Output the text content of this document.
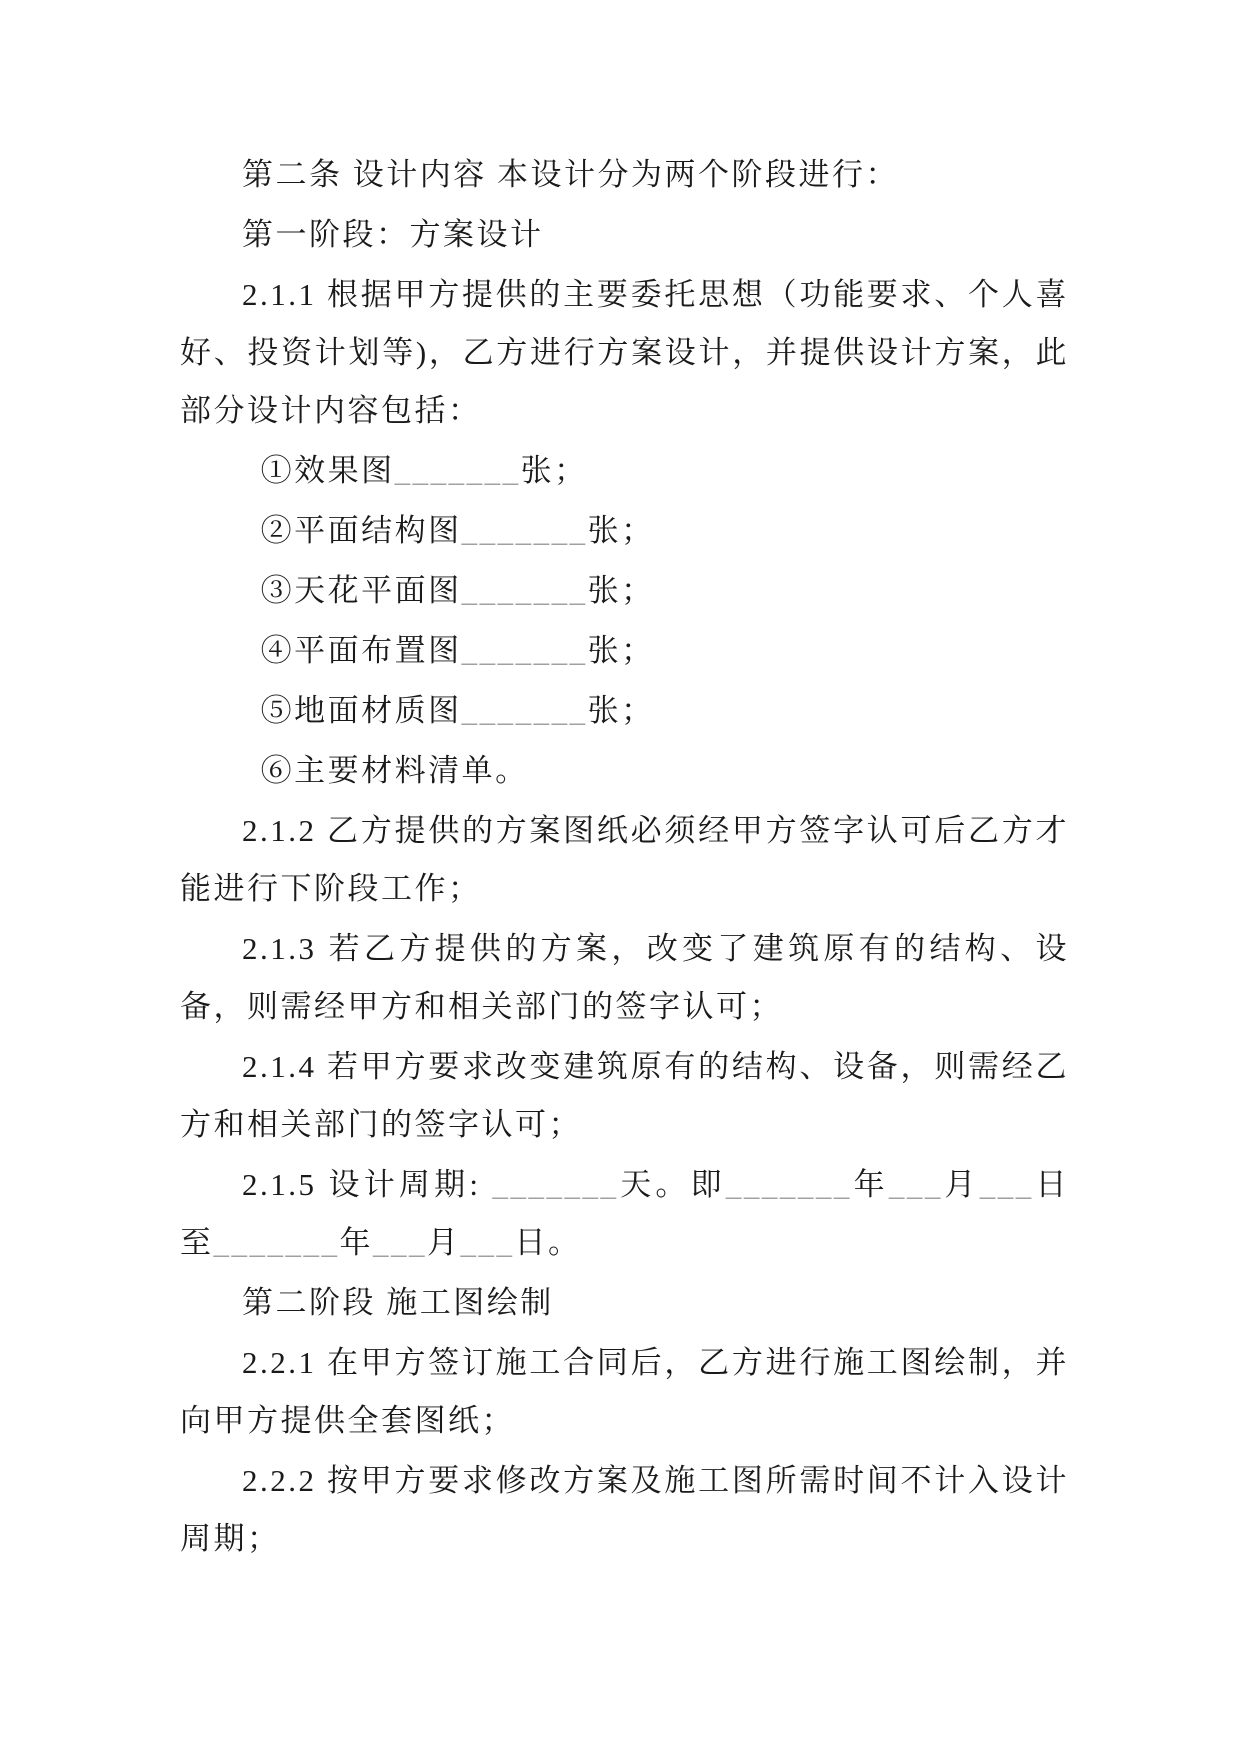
第二条 设计内容 本设计分为两个阶段进行：

第一阶段：方案设计

2.1.1 根据甲方提供的主要委托思想（功能要求、个人喜好、投资计划等)，乙方进行方案设计，并提供设计方案，此部分设计内容包括：

①效果图_______张；

②平面结构图_______张；

③天花平面图_______张；

④平面布置图_______张；

⑤地面材质图_______张；

⑥主要材料清单。

2.1.2 乙方提供的方案图纸必须经甲方签字认可后乙方才能进行下阶段工作；

2.1.3 若乙方提供的方案，改变了建筑原有的结构、设备，则需经甲方和相关部门的签字认可；

2.1.4 若甲方要求改变建筑原有的结构、设备，则需经乙方和相关部门的签字认可；

2.1.5 设计周期: _______天。即_______年___月___日至_______年___月___日。

第二阶段 施工图绘制

2.2.1 在甲方签订施工合同后，乙方进行施工图绘制，并向甲方提供全套图纸；

2.2.2 按甲方要求修改方案及施工图所需时间不计入设计周期；
